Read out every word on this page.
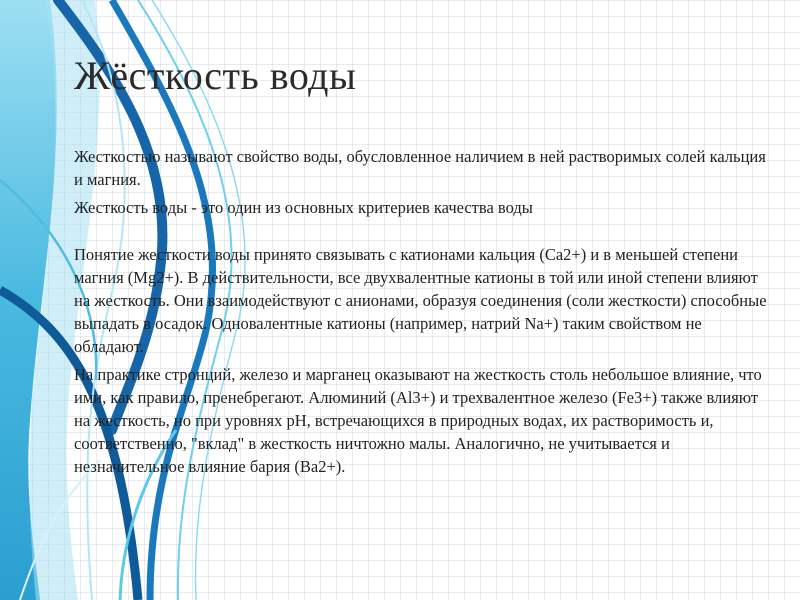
Жёсткость воды

Жесткостью называют свойство воды, обусловленное наличием в ней растворимых солей кальция и магния.

Жесткость воды - это один из основных критериев качества воды

Понятие жесткости воды принято связывать с катионами кальция (Ca2+) и в меньшей степени магния (Mg2+). В действительности, все двухвалентные катионы в той или иной степени влияют на жесткость. Они взаимодействуют с анионами, образуя соединения (соли жесткости) способные выпадать в осадок. Одновалентные катионы (например, натрий Na+) таким свойством не обладают.

На практике стронций, железо и марганец оказывают на жесткость столь небольшое влияние, что ими, как правило, пренебрегают. Алюминий (Al3+) и трехвалентное железо (Fe3+) также влияют на жесткость, но при уровнях pH, встречающихся в природных водах, их растворимость и, соответственно, "вклад" в жесткость ничтожно малы. Аналогично, не учитывается и незначительное влияние бария (Ba2+).
